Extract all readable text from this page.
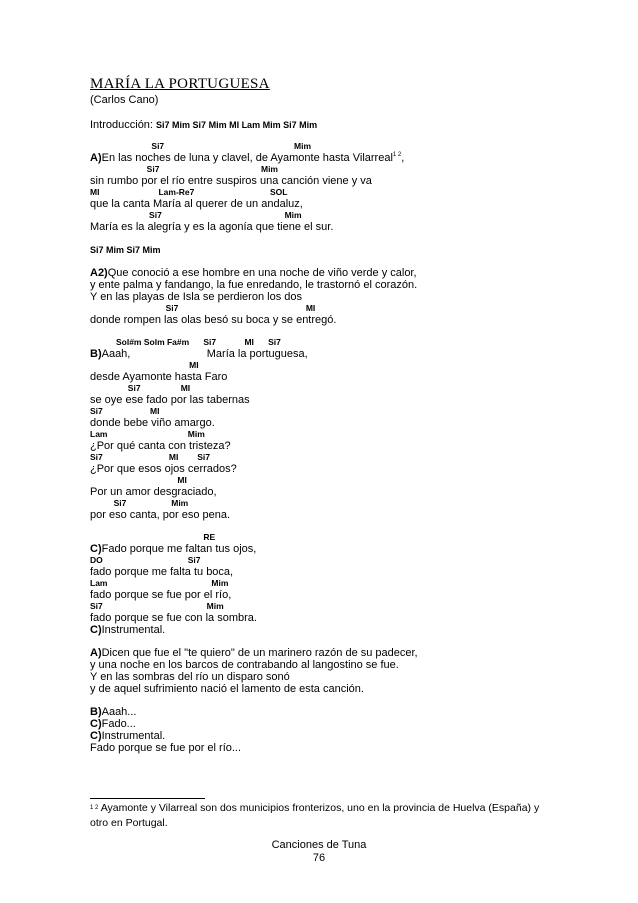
MARÍA LA PORTUGUESA
(Carlos Cano)
Introducción: Si7 Mim Si7 Mim MI Lam Mim Si7 Mim
Si7                                                       Mim
A)En las noches de luna y clavel, de Ayamonte hasta Vilarreal$^{1 2}$,
Si7                                           Mim
sin rumbo por el río entre suspiros una canción viene y va
MI                         Lam-Re7                                SOL
que la canta María al querer de un andaluz,
Si7                                                    Mim
María es la alegría y es la agonía que tiene el sur.
Si7 Mim Si7 Mim
A2)Que conoció a ese hombre en una noche de viño verde y calor,
y ente palma y fandango, la fue enredando, le trastornó el corazón.
Y en las playas de Isla se perdieron los dos
Si7                                                      MI
donde rompen las olas besó su boca y se entregó.
Sol#m Solm Fa#m      Si7            MI      Si7
B)Aaah,                         María la portuguesa,
MI
desde Ayamonte hasta Faro
Si7                 MI
se oye ese fado por las tabernas
Si7                    MI
donde bebe viño amargo.
Lam                                  Mim
¿Por qué canta con tristeza?
Si7                            MI        Si7
¿Por que esos ojos cerrados?
MI
Por un amor desgraciado,
Si7                   Mim
por eso canta, por eso pena.
RE
C)Fado porque me faltan tus ojos,
DO                                    Si7
fado porque me falta tu boca,
Lam                                            Mim
fado porque se fue por el río,
Si7                                            Mim
fado porque se fue con la sombra.
C)Instrumental.
A)Dicen que fue el "te quiero" de un marinero razón de su padecer,
y una noche en los barcos de contrabando al langostino se fue.
Y en las sombras del río un disparo sonó
y de aquel sufrimiento nació el lamento de esta canción.
B)Aaah...
C)Fado...
C)Instrumental.
Fado porque se fue por el río...
$^{1 2}$ Ayamonte y Vilarreal son dos municipios fronterizos, uno en la provincia de Huelva (España) y otro en Portugal.
Canciones de Tuna
76
